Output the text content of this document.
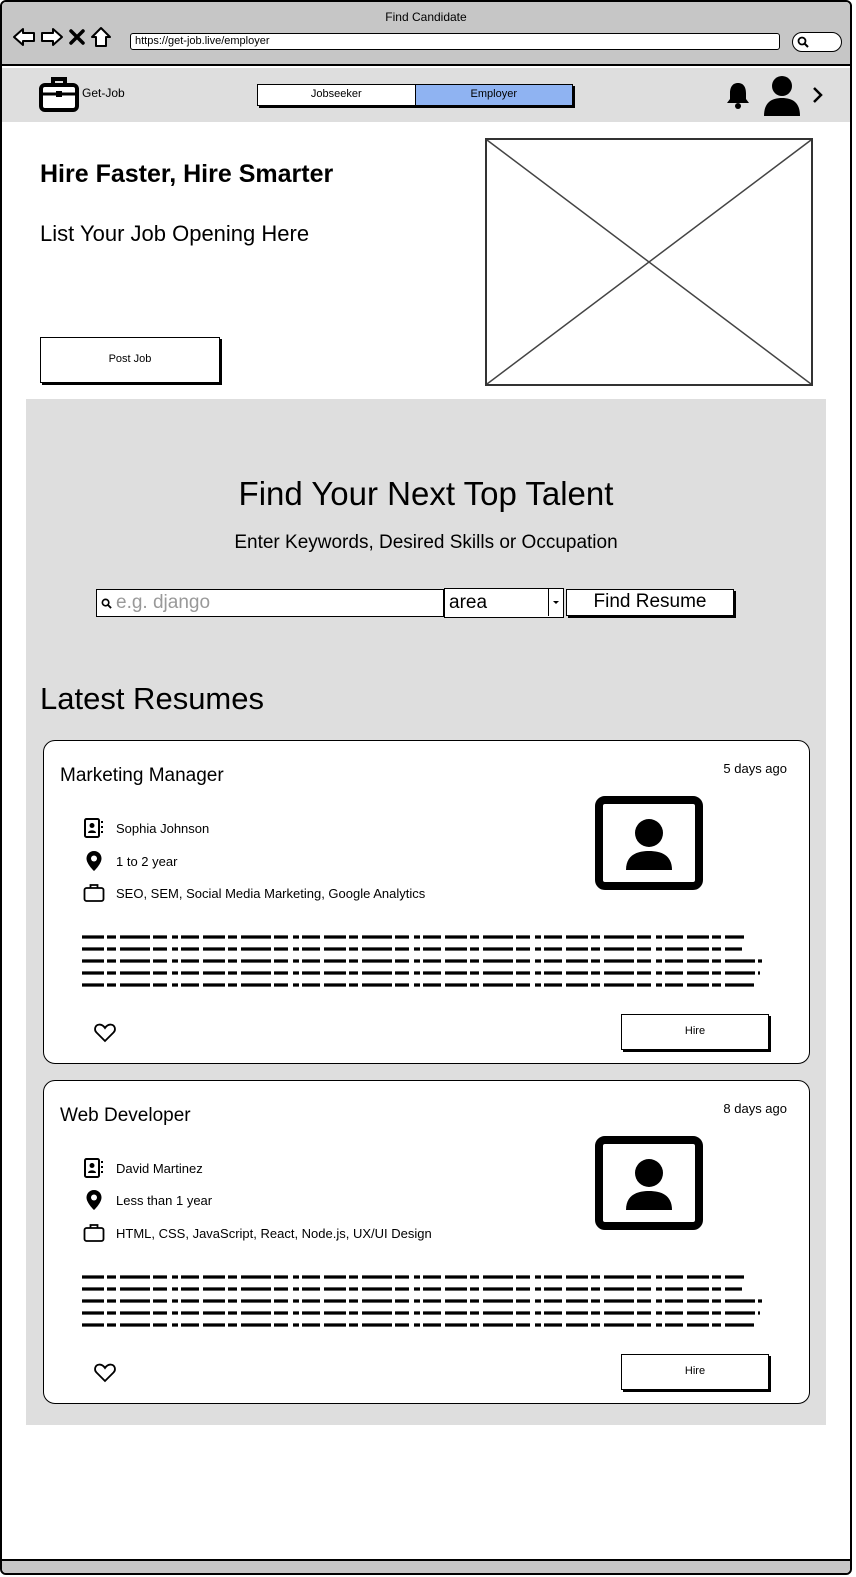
Find Candidate
https://get-job.live/employer
Get-Job	Jobseeker	Employer
Hire Faster, Hire Smarter
List Your Job Opening Here
Post Job
Find Your Next Top Talent
Enter Keywords, Desired Skills or Occupation
e.g. django	area	Find Resume
Latest Resumes
Marketing Manager	5 days ago
Sophia Johnson
1 to 2 year
SEO, SEM, Social Media Marketing, Google Analytics
Hire
Web Developer	8 days ago
David Martinez
Less than 1 year
HTML, CSS, JavaScript, React, Node.js, UX/UI Design
Hire
